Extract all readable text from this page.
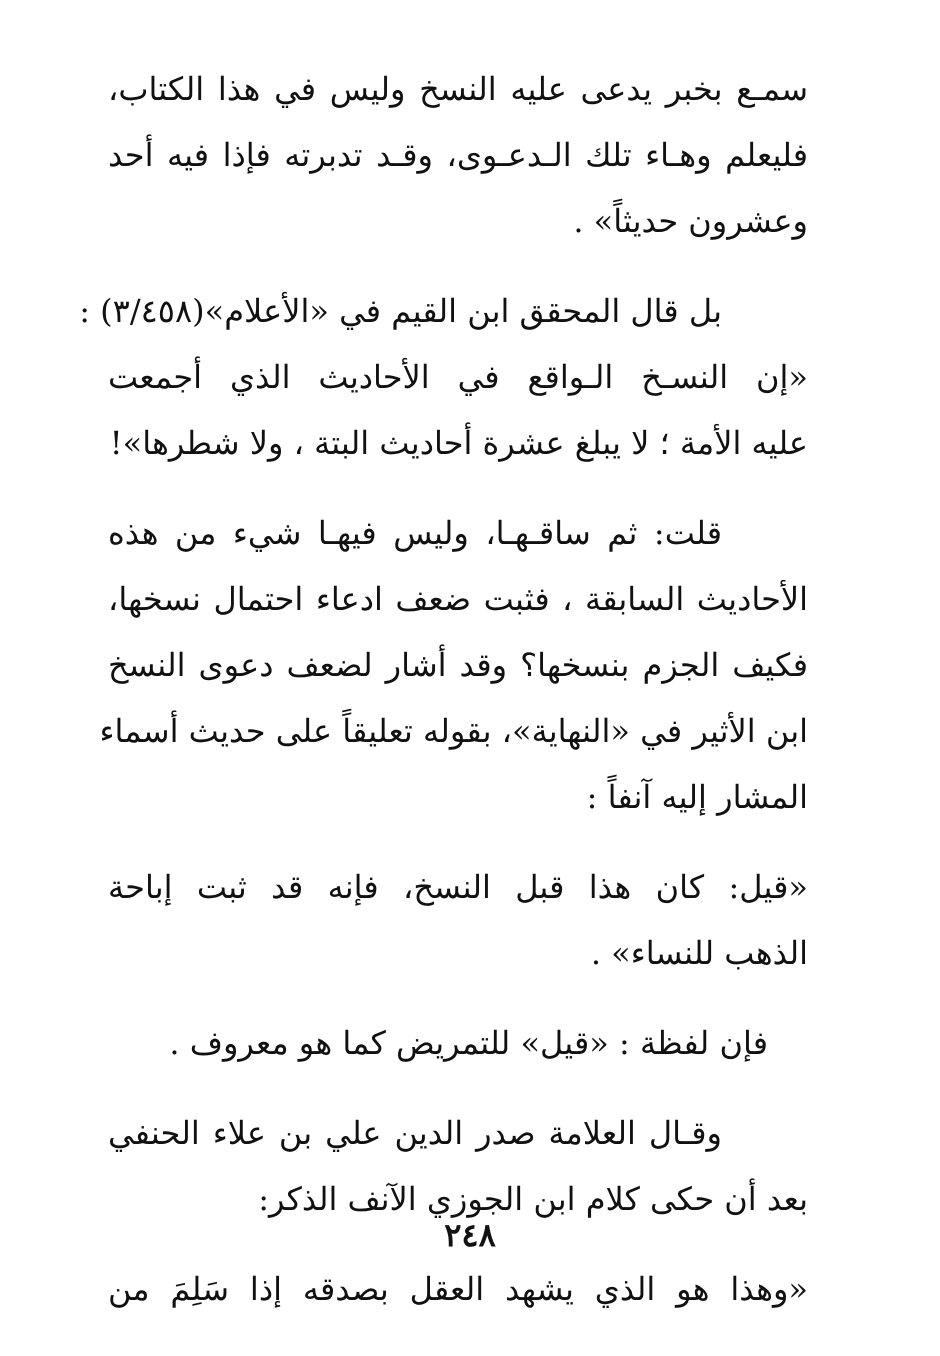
سمـع بخبر يدعى عليه النسخ وليس في هذا الكتاب،
فليعلم وهـاء تلك الـدعـوى، وقـد تدبرته فإذا فيه أحد
وعشرون حديثاً» .
بل قال المحقق ابن القيم في «الأعلام»(٣/٤٥٨) :
«إن النسـخ الـواقع في الأحاديث الذي أجمعت
عليه الأمة ؛ لا يبلغ عشرة أحاديث البتة ، ولا شطرها»!
قلت: ثم ساقـهـا، وليس فيهـا شيء من هذه
الأحاديث السابقة ، فثبت ضعف ادعاء احتمال نسخها،
فكيف الجزم بنسخها؟ وقد أشار لضعف دعوى النسخ
ابن الأثير في «النهاية»، بقوله تعليقاً على حديث أسماء
المشار إليه آنفاً :
«قيل: كان هذا قبل النسخ، فإنه قد ثبت إباحة
الذهب للنساء» .
فإن لفظة : «قيل» للتمريض كما هو معروف .
وقـال العلامة صدر الدين علي بن علاء الحنفي
بعد أن حكى كلام ابن الجوزي الآنف الذكر:
«وهذا هو الذي يشهد العقل بصدقه إذا سَلِمَ من
٢٤٨
